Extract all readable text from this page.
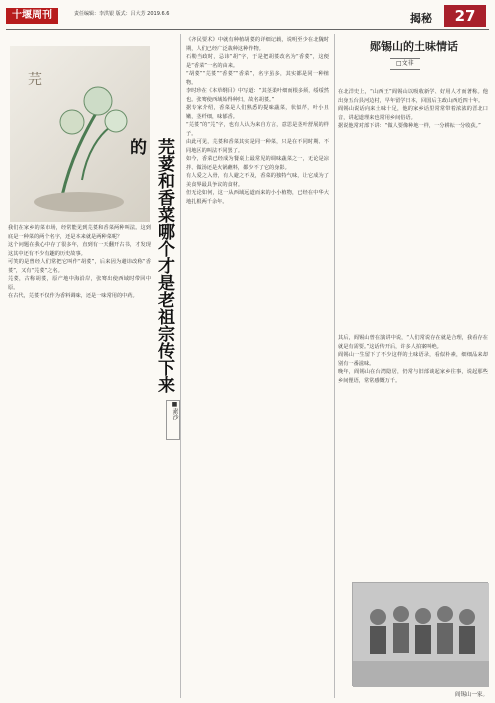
十堰周刊	责任编辑：李洪银 版式：吕大芳 2019.6.6	揭秘	27
芫
芫荽和香菜哪个才是老祖宗传下来的
■素沙
我们在家乡的菜市场，经常能见到芫荽和香菜两种叫法。这到底是一种菜的两个名字，还是本来就是两种菜呢？
这个问题在我心中存了很多年，直到有一天翻开古书，才发现这其中还有不少有趣的历史故事。
可笑的是曾经人们常把它叫作“胡荽”，后来因为避讳改称“香荽”，又有“芫荽”之名。
芫荽，古称胡荽，原产地中海沿岸，张骞出使西域时带回中原。
在古代，芫荽不仅作为香料调味，还是一味常用的中药。
《齐民要术》中就有种植胡荽的详细记载，说明至少在北魏时期，人们已经广泛栽种这种作物。
石勒当政时，忌讳“胡”字，于是把胡荽改名为“香荽”，这便是“香菜”一名的由来。
“胡荽”“芫荽”“香荽”“香菜”，名字虽多，其实都是同一种植物。
李时珍在《本草纲目》中写道：“其茎柔叶细而根多须，绥绥然也。张骞使西域始得种归，故名胡荽。”
据专家介绍，香菜是人们熟悉的提味蔬菜，状似芹，叶小且嫩，茎纤细，味郁香。
“芫荽”的“芫”字，也有人认为来自方言，意思是茎叶舒展的样子。
由此可见，芫荽和香菜其实是同一种菜，只是在不同时期、不同地区的叫法不同罢了。
如今，香菜已经成为餐桌上最常见的调味蔬菜之一，无论是凉拌、做汤还是火锅蘸料，都少不了它的身影。
有人爱之入骨，有人避之不及，香菜的独特气味，让它成为了美食界最具争议的食材。
但无论如何，这一从西域远道而来的小小植物，已经在中华大地扎根两千余年。
郧锡山的土味情话
□文非
在北洋史上，“山西王”阎锡山以吸收新学、好用人才而著称。他出身五台县河边村，早年留学日本，回国后主政山西近四十年。
阎锡山说话向来土味十足，他的家乡话里常常带着浓浓的晋北口音，讲起道理来也常用乡间俗语。
据说他常对部下讲：“做人要像种地一样，一分耕耘一分收获。”
其后，阎锡山曾在演讲中说，“人们常说存在就是合理，我看存在就是有需要。”这话传开后，许多人拍案叫绝。
阎锡山一生留下了不少这样的土味语录，看似朴素，细细品来却别有一番滋味。
晚年，阎锡山在台湾隐居，仍常与旧部谈起家乡往事，说起那些乡间俚语，常常感慨万千。
阎锡山一家。
